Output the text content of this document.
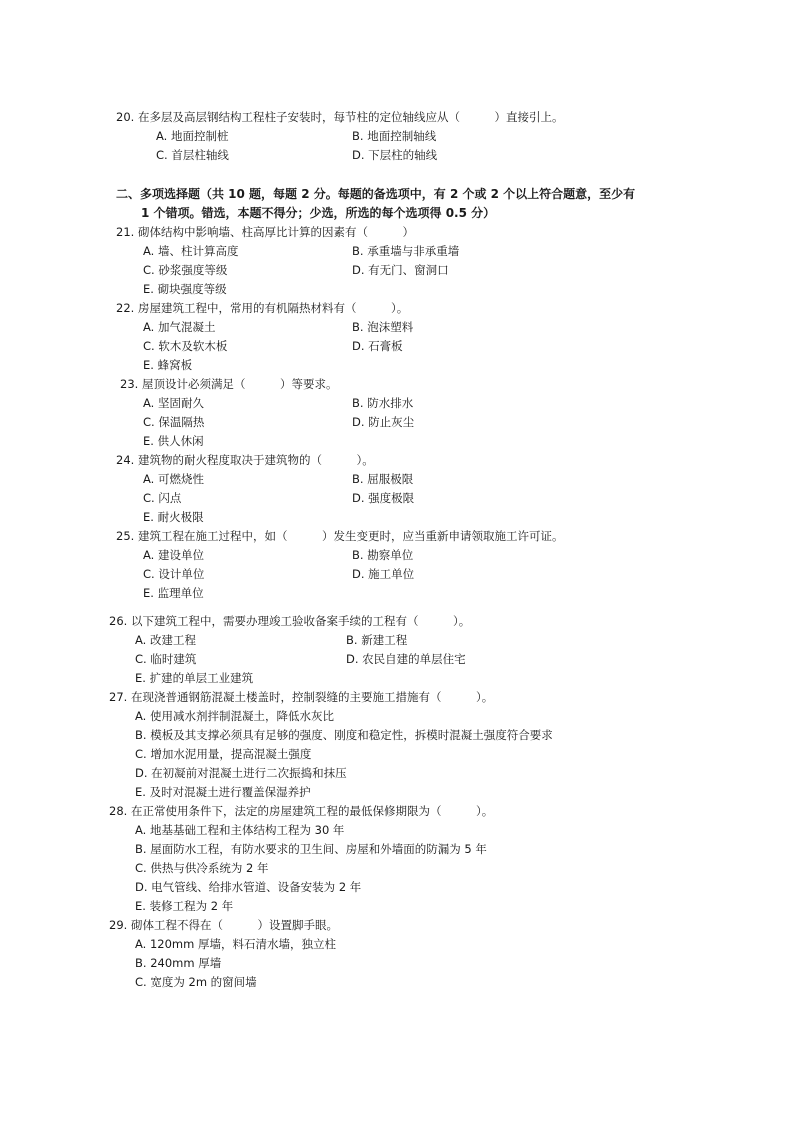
20. 在多层及高层钢结构工程柱子安装时，每节柱的定位轴线应从（　　　）直接引上。
A. 地面控制桩	B. 地面控制轴线
C. 首层柱轴线	D. 下层柱的轴线
二、多项选择题（共 10 题，每题 2 分。每题的备选项中，有 2 个或 2 个以上符合题意，至少有
1 个错项。错选，本题不得分；少选，所选的每个选项得 0.5 分）
21. 砌体结构中影响墙、柱高厚比计算的因素有（　　　）
A. 墙、柱计算高度	B. 承重墙与非承重墙
C. 砂浆强度等级	D. 有无门、窗洞口
E. 砌块强度等级
22. 房屋建筑工程中，常用的有机隔热材料有（　　　）。
A. 加气混凝土	B. 泡沫塑料
C. 软木及软木板	D. 石膏板
E. 蜂窝板
23. 屋顶设计必须满足（　　　）等要求。
A. 坚固耐久	B. 防水排水
C. 保温隔热	D. 防止灰尘
E. 供人休闲
24. 建筑物的耐火程度取决于建筑物的（　　　）。
A. 可燃烧性	B. 屈服极限
C. 闪点	D. 强度极限
E. 耐火极限
25. 建筑工程在施工过程中，如（　　　）发生变更时，应当重新申请领取施工许可证。
A. 建设单位	B. 勘察单位
C. 设计单位	D. 施工单位
E. 监理单位
26. 以下建筑工程中，需要办理竣工验收备案手续的工程有（　　　）。
A. 改建工程	B. 新建工程
C. 临时建筑	D. 农民自建的单层住宅
E. 扩建的单层工业建筑
27. 在现浇普通钢筋混凝土楼盖时，控制裂缝的主要施工措施有（　　　）。
A. 使用减水剂拌制混凝土，降低水灰比
B. 模板及其支撑必须具有足够的强度、刚度和稳定性，拆模时混凝土强度符合要求
C. 增加水泥用量，提高混凝土强度
D. 在初凝前对混凝土进行二次振捣和抹压
E. 及时对混凝土进行覆盖保湿养护
28. 在正常使用条件下，法定的房屋建筑工程的最低保修期限为（　　　）。
A. 地基基础工程和主体结构工程为 30 年
B. 屋面防水工程，有防水要求的卫生间、房屋和外墙面的防漏为 5 年
C. 供热与供冷系统为 2 年
D. 电气管线、给排水管道、设备安装为 2 年
E. 装修工程为 2 年
29. 砌体工程不得在（　　　）设置脚手眼。
A. 120mm 厚墙，料石清水墙，独立柱
B. 240mm 厚墙
C. 宽度为 2m 的窗间墙
